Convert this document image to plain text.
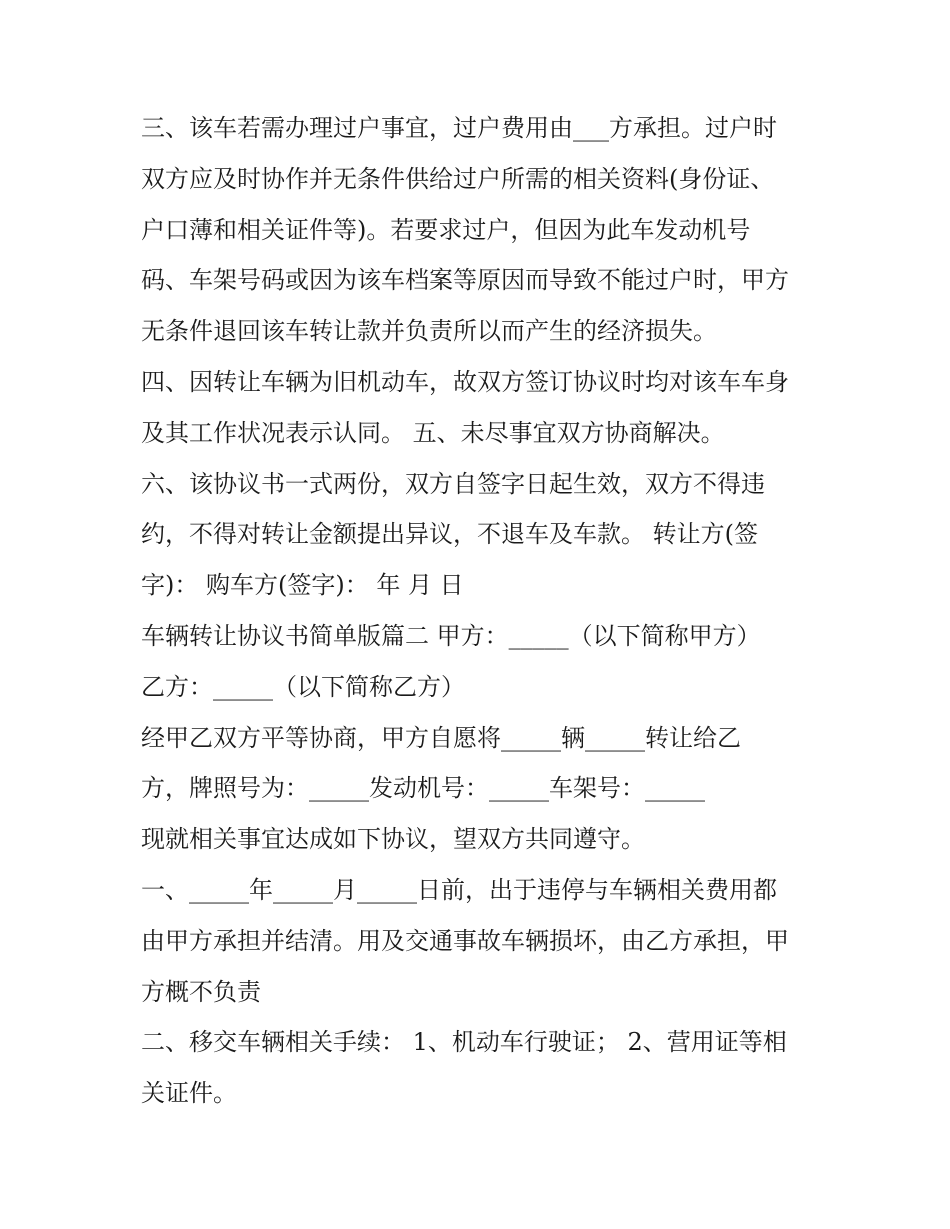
三、该车若需办理过户事宜，过户费用由___方承担。过户时
双方应及时协作并无条件供给过户所需的相关资料(身份证、
户口薄和相关证件等)。若要求过户，但因为此车发动机号
码、车架号码或因为该车档案等原因而导致不能过户时，甲方
无条件退回该车转让款并负责所以而产生的经济损失。
四、因转让车辆为旧机动车，故双方签订协议时均对该车车身
及其工作状况表示认同。 五、未尽事宜双方协商解决。
六、该协议书一式两份，双方自签字日起生效，双方不得违
约，不得对转让金额提出异议，不退车及车款。 转让方(签
字)： 购车方(签字)： 年 月 日
车辆转让协议书简单版篇二 甲方：_____（以下简称甲方）
乙方：_____（以下简称乙方）
经甲乙双方平等协商，甲方自愿将_____辆_____转让给乙
方，牌照号为：_____发动机号：_____车架号：_____
现就相关事宜达成如下协议，望双方共同遵守。
一、_____年_____月_____日前，出于违停与车辆相关费用都
由甲方承担并结清。用及交通事故车辆损坏，由乙方承担，甲
方概不负责
二、移交车辆相关手续： 1、机动车行驶证； 2、营用证等相
关证件。
